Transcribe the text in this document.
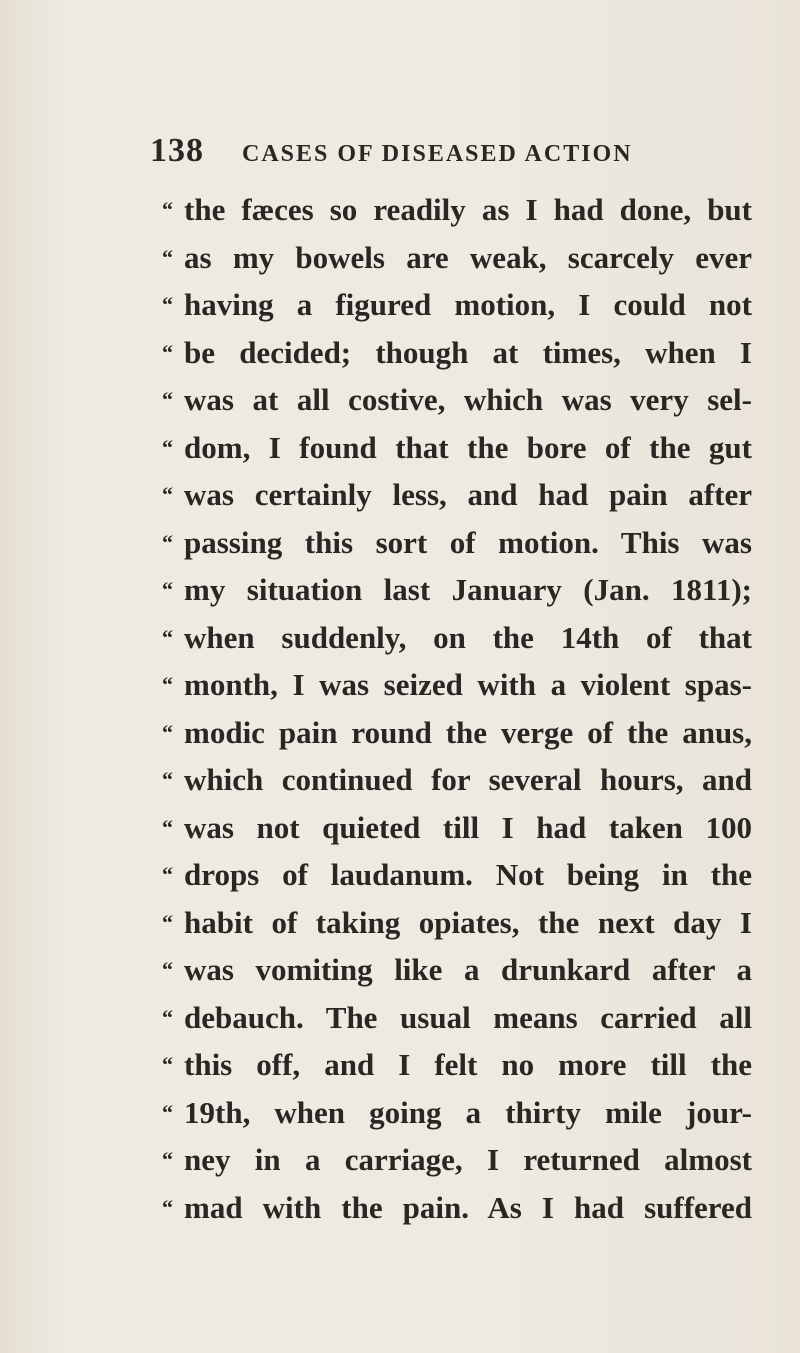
138 CASES OF DISEASED ACTION
“ the fæces so readily as I had done, but
“ as my bowels are weak, scarcely ever
“ having a figured motion, I could not
“ be decided; though at times, when I
“ was at all costive, which was very sel-
“ dom, I found that the bore of the gut
“ was certainly less, and had pain after
“ passing this sort of motion. This was
“ my situation last January (Jan. 1811);
“ when suddenly, on the 14th of that
“ month, I was seized with a violent spas-
“ modic pain round the verge of the anus,
“ which continued for several hours, and
“ was not quieted till I had taken 100
“ drops of laudanum. Not being in the
“ habit of taking opiates, the next day I
“ was vomiting like a drunkard after a
“ debauch. The usual means carried all
“ this off, and I felt no more till the
“ 19th, when going a thirty mile jour-
“ ney in a carriage, I returned almost
“ mad with the pain. As I had suffered
